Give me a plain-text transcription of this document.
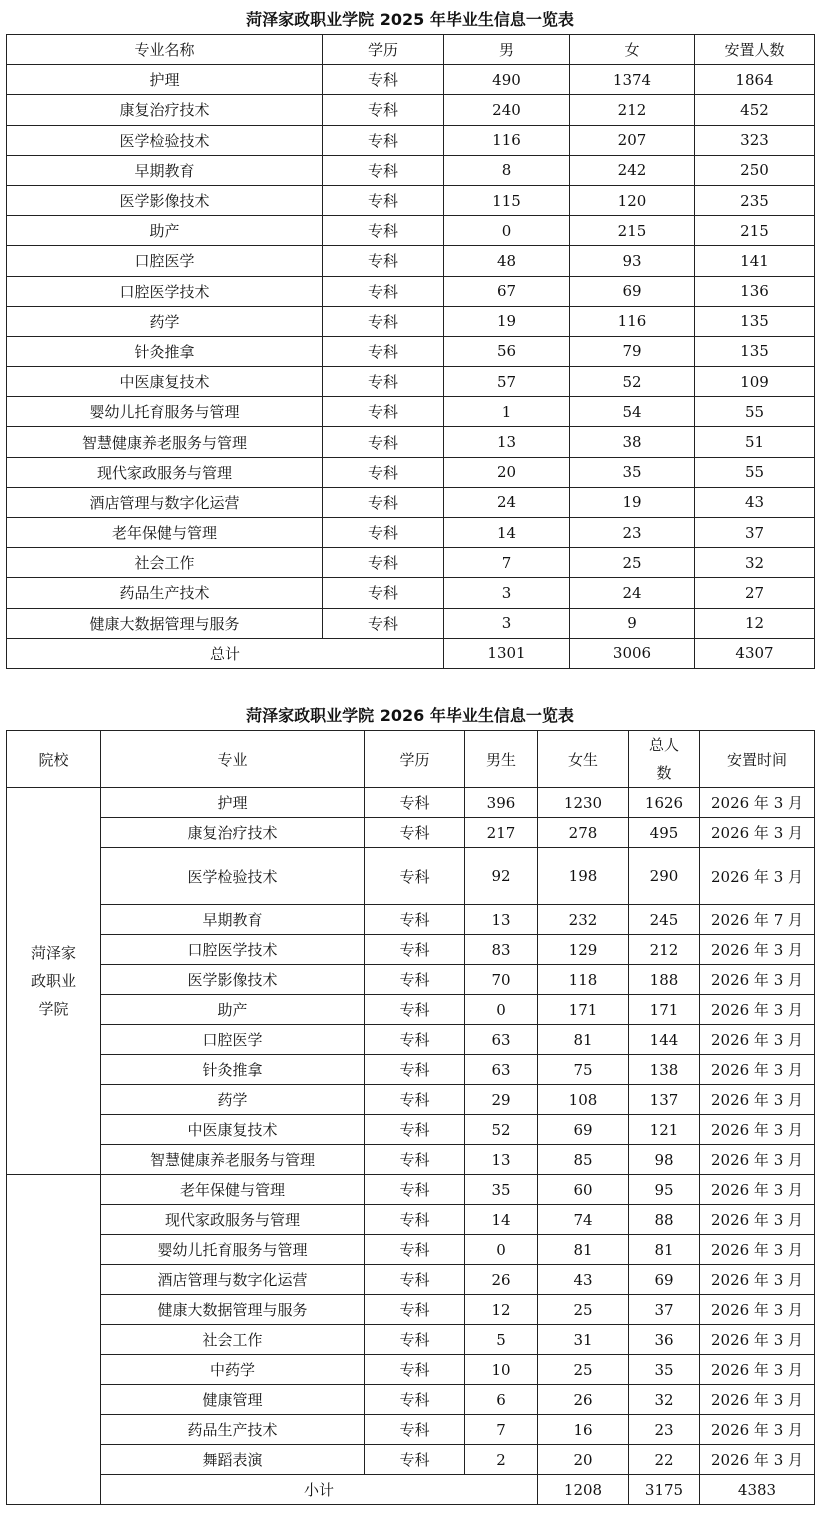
菏泽家政职业学院 2025 年毕业生信息一览表
专业名称	学历	男	女	安置人数
护理	专科	490	1374	1864
康复治疗技术	专科	240	212	452
医学检验技术	专科	116	207	323
早期教育	专科	8	242	250
医学影像技术	专科	115	120	235
助产	专科	0	215	215
口腔医学	专科	48	93	141
口腔医学技术	专科	67	69	136
药学	专科	19	116	135
针灸推拿	专科	56	79	135
中医康复技术	专科	57	52	109
婴幼儿托育服务与管理	专科	1	54	55
智慧健康养老服务与管理	专科	13	38	51
现代家政服务与管理	专科	20	35	55
酒店管理与数字化运营	专科	24	19	43
老年保健与管理	专科	14	23	37
社会工作	专科	7	25	32
药品生产技术	专科	3	24	27
健康大数据管理与服务	专科	3	9	12
总计		1301	3006	4307
菏泽家政职业学院 2026 年毕业生信息一览表
院校	专业	学历	男生	女生	总人数	安置时间	
菏泽家政职业学院	护理	专科	396	1230	1626	2026 年 3 月	
	康复治疗技术	专科	217	278	495	2026 年 3 月	
	医学检验技术	专科	92	198	290	2026 年 3 月	
	早期教育	专科	13	232	245	2026 年 7 月	
	口腔医学技术	专科	83	129	212	2026 年 3 月	
	医学影像技术	专科	70	118	188	2026 年 3 月	
	助产	专科	0	171	171	2026 年 3 月	
	口腔医学	专科	63	81	144	2026 年 3 月	
	针灸推拿	专科	63	75	138	2026 年 3 月	
	药学	专科	29	108	137	2026 年 3 月	
	中医康复技术	专科	52	69	121	2026 年 3 月	
	智慧健康养老服务与管理	专科	13	85	98	2026 年 3 月	
	老年保健与管理	专科	35	60	95	2026 年 3 月	
	现代家政服务与管理	专科	14	74	88	2026 年 3 月	
	婴幼儿托育服务与管理	专科	0	81	81	2026 年 3 月	
	酒店管理与数字化运营	专科	26	43	69	2026 年 3 月	
	健康大数据管理与服务	专科	12	25	37	2026 年 3 月	
	社会工作	专科	5	31	36	2026 年 3 月	
	中药学	专科	10	25	35	2026 年 3 月	
	健康管理	专科	6	26	32	2026 年 3 月	
	药品生产技术	专科	7	16	23	2026 年 3 月	
	舞蹈表演	专科	2	20	22	2026 年 3 月	
	小计			1208	3175	4383	
